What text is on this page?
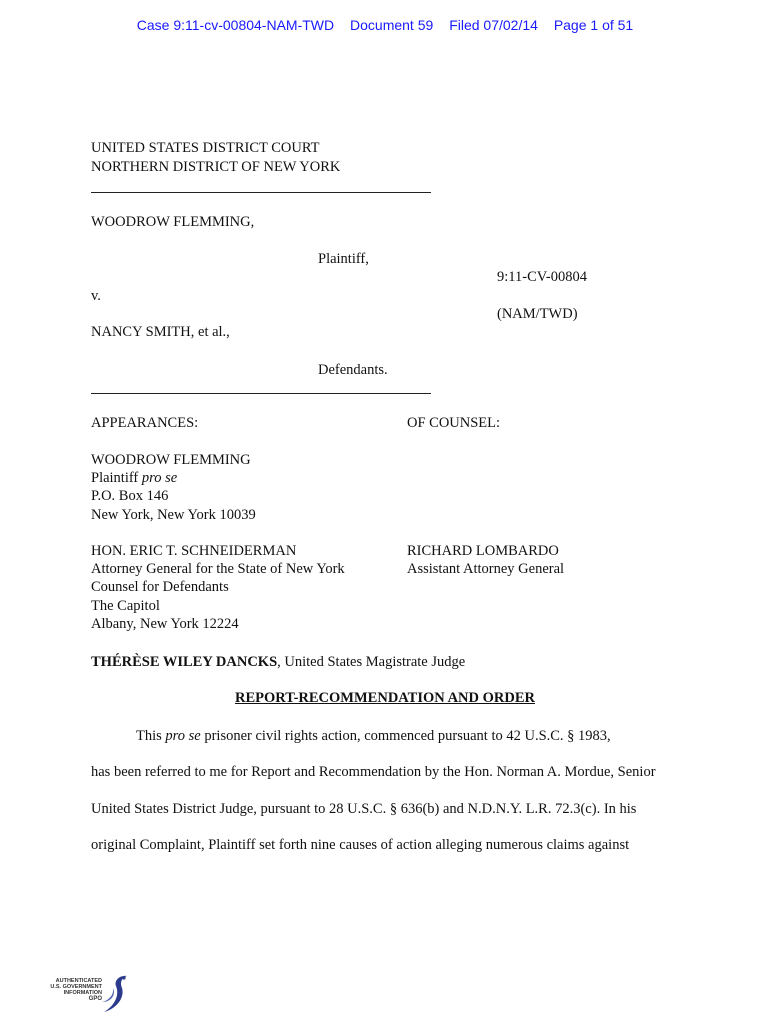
Case 9:11-cv-00804-NAM-TWD Document 59 Filed 07/02/14 Page 1 of 51
UNITED STATES DISTRICT COURT
NORTHERN DISTRICT OF NEW YORK
WOODROW FLEMMING,
Plaintiff,
9:11-CV-00804
v.
(NAM/TWD)
NANCY SMITH, et al.,
Defendants.
APPEARANCES:	OF COUNSEL:
WOODROW FLEMMING
Plaintiff pro se
P.O. Box 146
New York, New York 10039
HON. ERIC T. SCHNEIDERMAN
Attorney General for the State of New York
Counsel for Defendants
The Capitol
Albany, New York 12224
RICHARD LOMBARDO
Assistant Attorney General
THÉRÈSE WILEY DANCKS, United States Magistrate Judge
REPORT-RECOMMENDATION AND ORDER
This pro se prisoner civil rights action, commenced pursuant to 42 U.S.C. § 1983,
has been referred to me for Report and Recommendation by the Hon. Norman A. Mordue, Senior
United States District Judge, pursuant to 28 U.S.C. § 636(b) and N.D.N.Y. L.R. 72.3(c). In his
original Complaint, Plaintiff set forth nine causes of action alleging numerous claims against
AUTHENTICATED
U.S. GOVERNMENT
INFORMATION
GPO
